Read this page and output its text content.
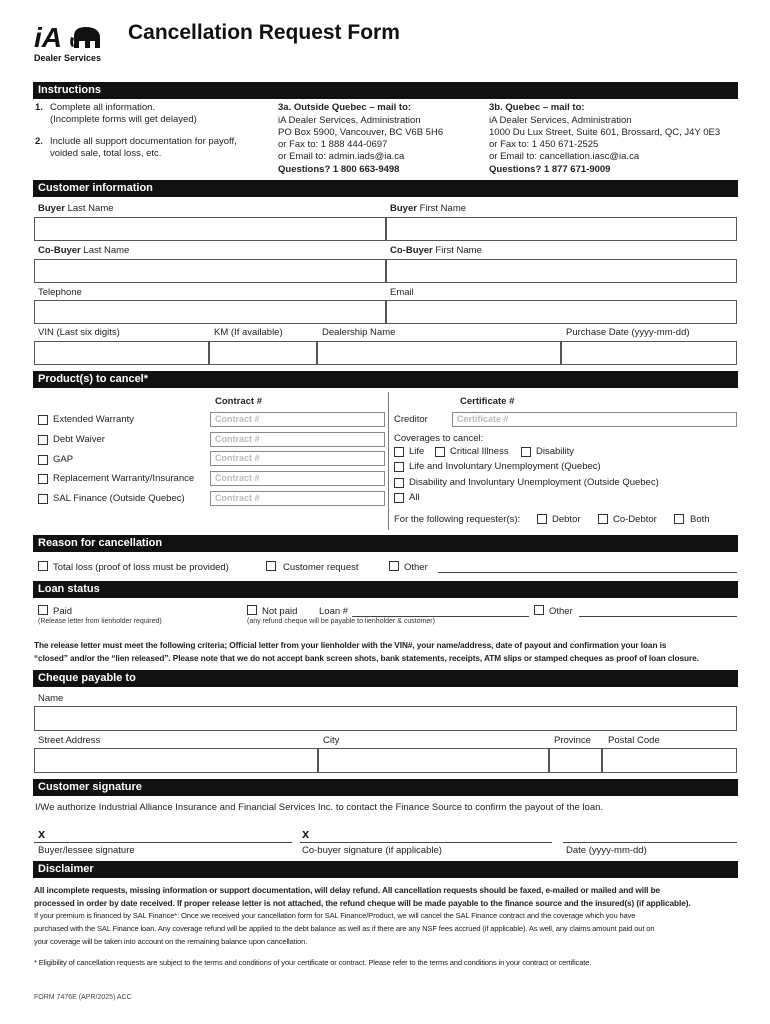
iA
Dealer Services
Cancellation Request Form
Instructions
1. Complete all information.
(Incomplete forms will get delayed)
2. Include all support documentation for payoff,
voided sale, total loss, etc.
3a. Outside Quebec – mail to:
iA Dealer Services, Administration
PO Box 5900, Vancouver, BC V6B 5H6
or Fax to: 1 888 444-0697
or Email to: admin.iads@ia.ca
Questions? 1 800 663-9498
3b. Quebec – mail to:
iA Dealer Services, Administration
1000 Du Lux Street, Suite 601, Brossard, QC, J4Y 0E3
or Fax to: 1 450 671-2525
or Email to: cancellation.iasc@ia.ca
Questions? 1 877 671-9009
Customer information
Buyer Last Name	Buyer First Name
Co-Buyer Last Name	Co-Buyer First Name
Telephone	Email
VIN (Last six digits)	KM (If available)	Dealership Name	Purchase Date (yyyy-mm-dd)
Product(s) to cancel*
Contract #	Certificate #
Extended Warranty	Contract #
Debt Waiver	Contract #
GAP	Contract #
Replacement Warranty/Insurance	Contract #
SAL Finance (Outside Quebec)	Contract #
Creditor	Certificate #
Coverages to cancel:
Life	Critical Illness	Disability
Life and Involuntary Unemployment (Quebec)
Disability and Involuntary Unemployment (Outside Quebec)
All
For the following requester(s):	Debtor	Co-Debtor	Both
Reason for cancellation
Total loss (proof of loss must be provided)	Customer request	Other
Loan status
Paid
(Release letter from lienholder required)
Not paid
(any refund cheque will be payable to lienholder & customer)
Loan #	Other
The release letter must meet the following criteria; Official letter from your lienholder with the VIN#, your name/address, date of payout and confirmation your loan is
“closed” and/or the “lien released”. Please note that we do not accept bank screen shots, bank statements, receipts, ATM slips or stamped cheques as proof of loan closure.
Cheque payable to
Name
Street Address	City	Province Postal Code
Customer signature
I/We authorize Industrial Alliance Insurance and Financial Services Inc. to contact the Finance Source to confirm the payout of the loan.
x
Buyer/lessee signature
x
Co-buyer signature (if applicable)	Date (yyyy-mm-dd)
Disclaimer
All incomplete requests, missing information or support documentation, will delay refund. All cancellation requests should be faxed, e-mailed or mailed and will be
processed in order by date received. If proper release letter is not attached, the refund cheque will be made payable to the finance source and the insured(s) (if applicable).
If your premium is financed by SAL Finance*: Once we received your cancellation form for SAL Finance/Product, we will cancel the SAL Finance contract and the coverage which you have
purchased with the SAL Finance loan. Any coverage refund will be applied to the debt balance as well as if there are any NSF fees accrued (if applicable). As well, any claims amount paid out on
your coverage will be taken into account on the remaining balance upon cancellation.
* Eligibility of cancellation requests are subject to the terms and conditions of your certificate or contract. Please refer to the terms and conditions in your contract or certificate.
FORM 7476E (APR/2025) ACC
